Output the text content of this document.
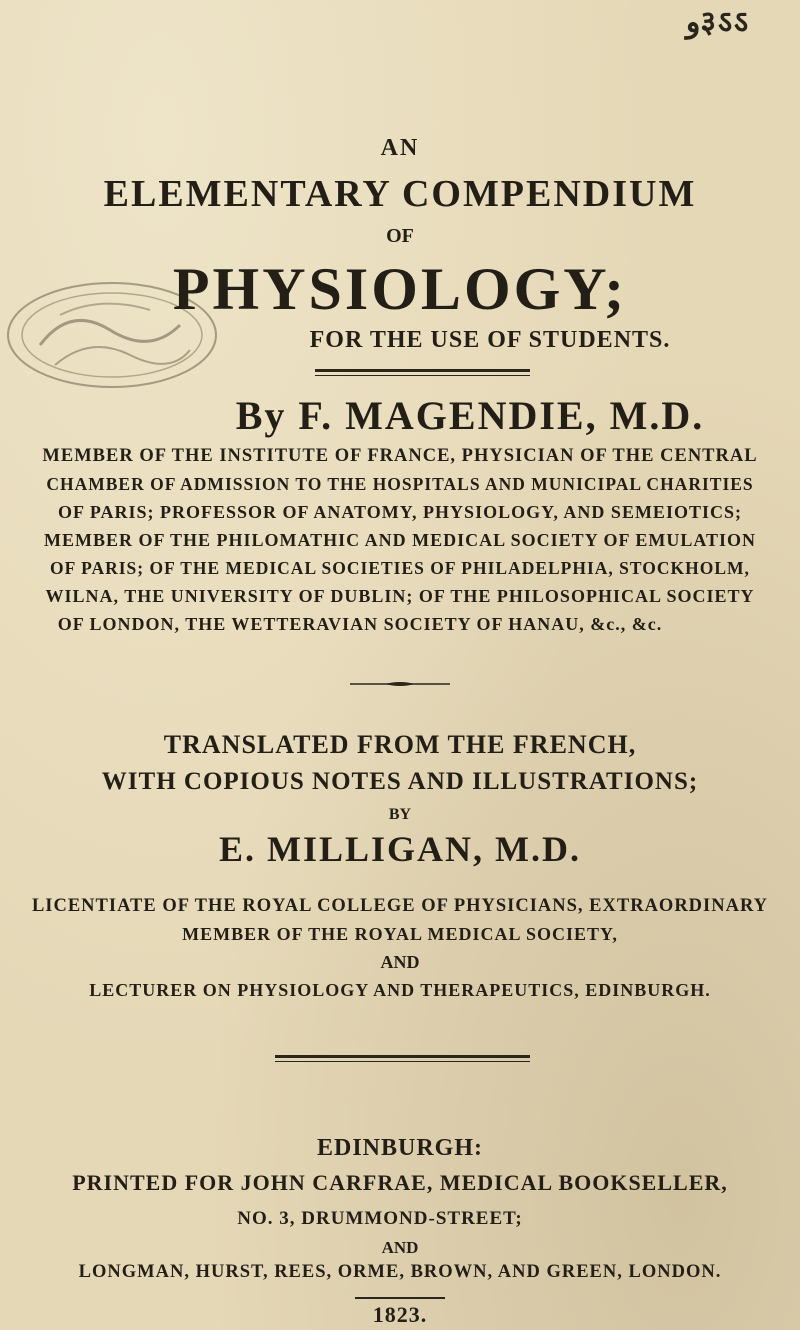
ﻭ३ऽऽ
AN
ELEMENTARY COMPENDIUM
OF
PHYSIOLOGY;
FOR THE USE OF STUDENTS.
By F. MAGENDIE, M.D.
MEMBER OF THE INSTITUTE OF FRANCE, PHYSICIAN OF THE CENTRAL
CHAMBER OF ADMISSION TO THE HOSPITALS AND MUNICIPAL CHARITIES
OF PARIS; PROFESSOR OF ANATOMY, PHYSIOLOGY, AND SEMEIOTICS;
MEMBER OF THE PHILOMATHIC AND MEDICAL SOCIETY OF EMULATION
OF PARIS; OF THE MEDICAL SOCIETIES OF PHILADELPHIA, STOCKHOLM,
WILNA, THE UNIVERSITY OF DUBLIN; OF THE PHILOSOPHICAL SOCIETY
OF LONDON, THE WETTERAVIAN SOCIETY OF HANAU, &c., &c.
TRANSLATED FROM THE FRENCH,
WITH COPIOUS NOTES AND ILLUSTRATIONS;
BY
E. MILLIGAN, M.D.
LICENTIATE OF THE ROYAL COLLEGE OF PHYSICIANS, EXTRAORDINARY
MEMBER OF THE ROYAL MEDICAL SOCIETY,
AND
LECTURER ON PHYSIOLOGY AND THERAPEUTICS, EDINBURGH.
EDINBURGH:
PRINTED FOR JOHN CARFRAE, MEDICAL BOOKSELLER,
NO. 3, DRUMMOND-STREET;
AND
LONGMAN, HURST, REES, ORME, BROWN, AND GREEN, LONDON.
1823.
